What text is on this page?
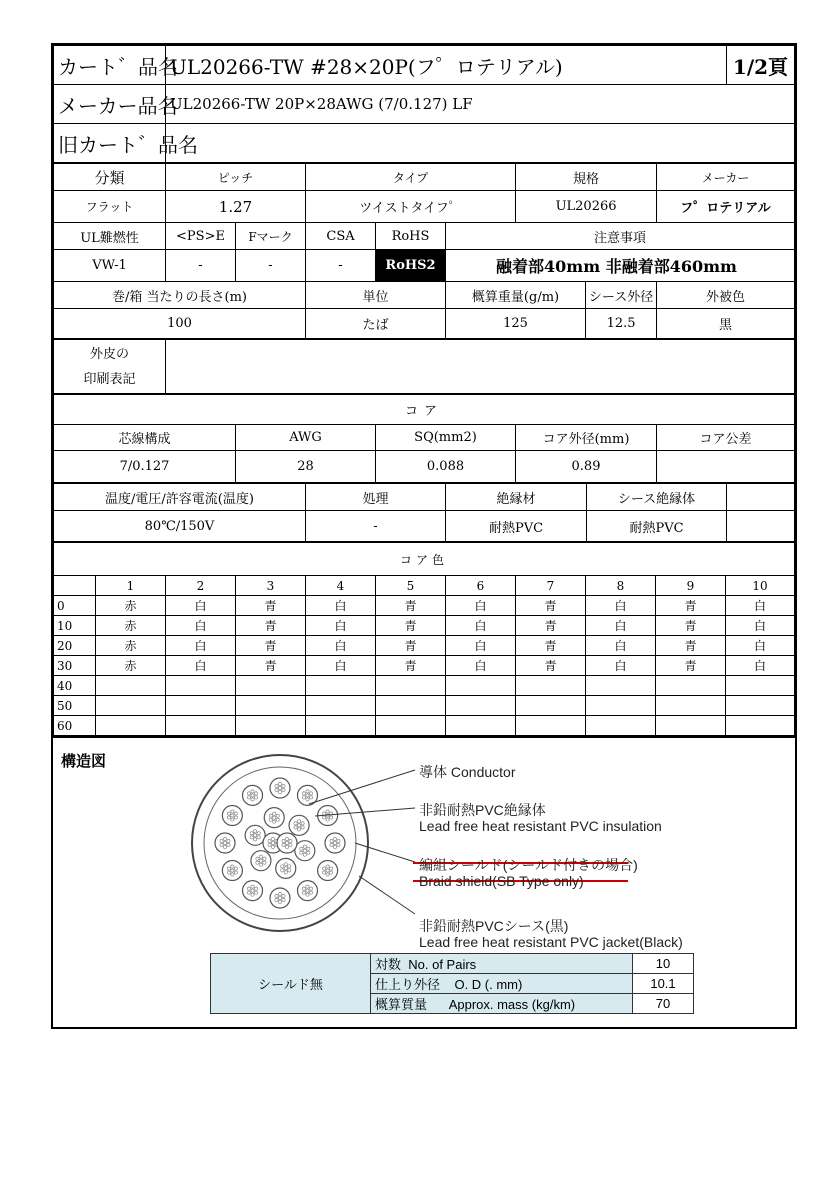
カート゛品名	UL20266-TW #28×20P(フ゜ロテリアル)	1/2頁
メーカー品名	UL20266-TW 20P×28AWG (7/0.127) LF	
旧カート゛品名		
分類	ピッチ		タイプ			規格		メーカー
フラット	1.27		ツイストタイフ゜			UL20266		フ゜ロテリアル
UL難燃性	<PS>E	Fマーク	CSA	RoHS	注意事項			
VW-1	-	-	-	RoHS2	融着部40mm 非融着部460mm			
巻/箱 当たりの長さ(m)			単位		概算重量(g/m)		シース外径	外被色
100			たば		125		12.5	黒
外皮の
印刷表記

コア				
芯線構成	AWG	SQ(mm2)	コア外径(mm)	コア公差
7/0.127	28	0.088	0.89	
温度/電圧/許容電流(温度)	処理	絶縁材	シース絶縁体	
80℃/150V	-	耐熱PVC	耐熱PVC	
コア色										
	1	2	3	4	5	6	7	8	9	10
0	赤	白	青	白	青	白	青	白	青	白
10	赤	白	青	白	青	白	青	白	青	白
20	赤	白	青	白	青	白	青	白	青	白
30	赤	白	青	白	青	白	青	白	青	白
40										
50										
60										
構造図
導体 Conductor
非鉛耐熱PVC絶縁体
Lead free heat resistant PVC insulation
編組シールド(シールド付きの場合)
Braid shield(SB Type only)
非鉛耐熱PVCシース(黒)
Lead free heat resistant PVC jacket(Black)
シールド無	対数 No. of Pairs	10
	仕上り外径 O. D (. mm)	10.1
	概算質量 Approx. mass (kg/km)	70
